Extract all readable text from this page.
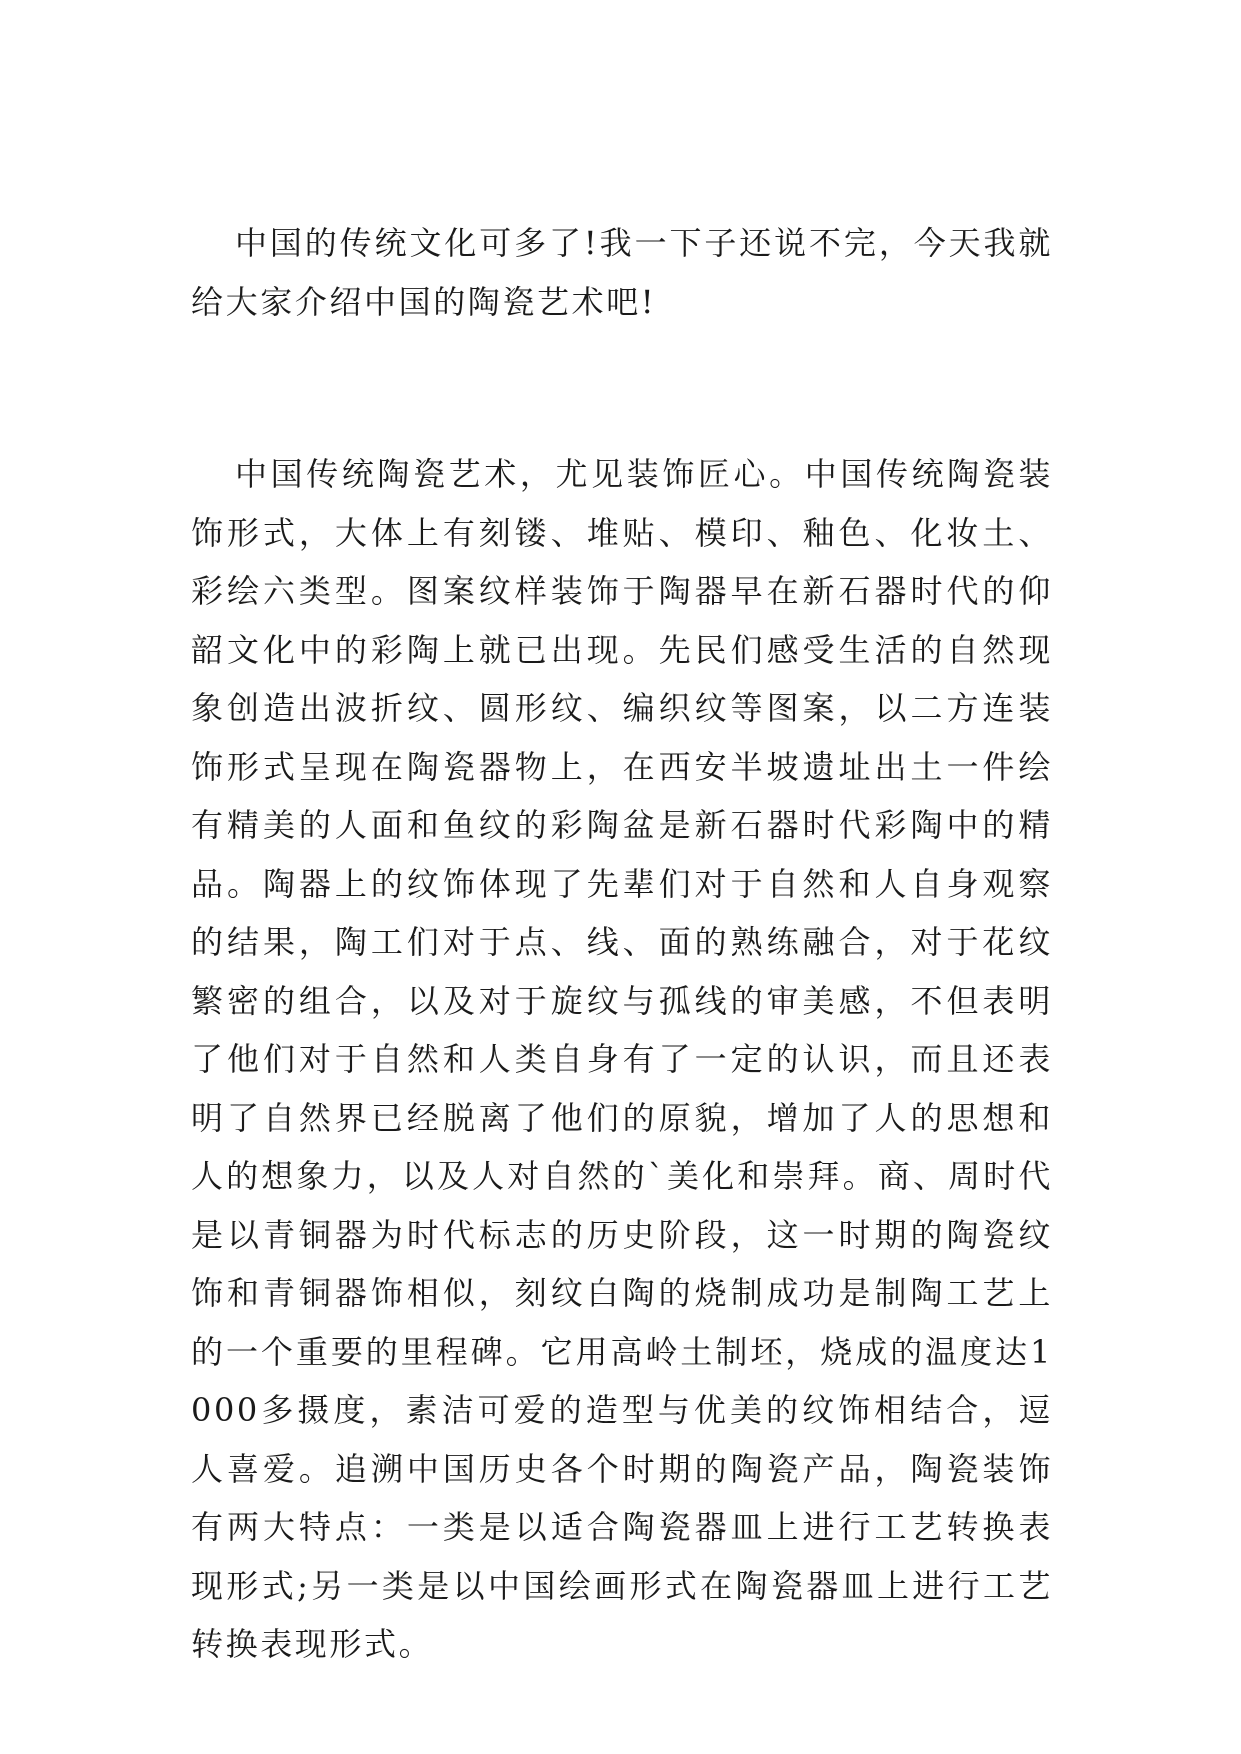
中国的传统文化可多了!我一下子还说不完，今天我就给大家介绍中国的陶瓷艺术吧!

中国传统陶瓷艺术，尤见装饰匠心。中国传统陶瓷装饰形式，大体上有刻镂、堆贴、模印、釉色、化妆土、彩绘六类型。图案纹样装饰于陶器早在新石器时代的仰韶文化中的彩陶上就已出现。先民们感受生活的自然现象创造出波折纹、圆形纹、编织纹等图案，以二方连装饰形式呈现在陶瓷器物上，在西安半坡遗址出土一件绘有精美的人面和鱼纹的彩陶盆是新石器时代彩陶中的精品。陶器上的纹饰体现了先辈们对于自然和人自身观察的结果，陶工们对于点、线、面的熟练融合，对于花纹繁密的组合，以及对于旋纹与孤线的审美感，不但表明了他们对于自然和人类自身有了一定的认识，而且还表明了自然界已经脱离了他们的原貌，增加了人的思想和人的想象力，以及人对自然的`美化和崇拜。商、周时代是以青铜器为时代标志的历史阶段，这一时期的陶瓷纹饰和青铜器饰相似，刻纹白陶的烧制成功是制陶工艺上的一个重要的里程碑。它用高岭土制坯，烧成的温度达1000多摄度，素洁可爱的造型与优美的纹饰相结合，逗人喜爱。追溯中国历史各个时期的陶瓷产品，陶瓷装饰有两大特点：一类是以适合陶瓷器皿上进行工艺转换表现形式;另一类是以中国绘画形式在陶瓷器皿上进行工艺转换表现形式。
